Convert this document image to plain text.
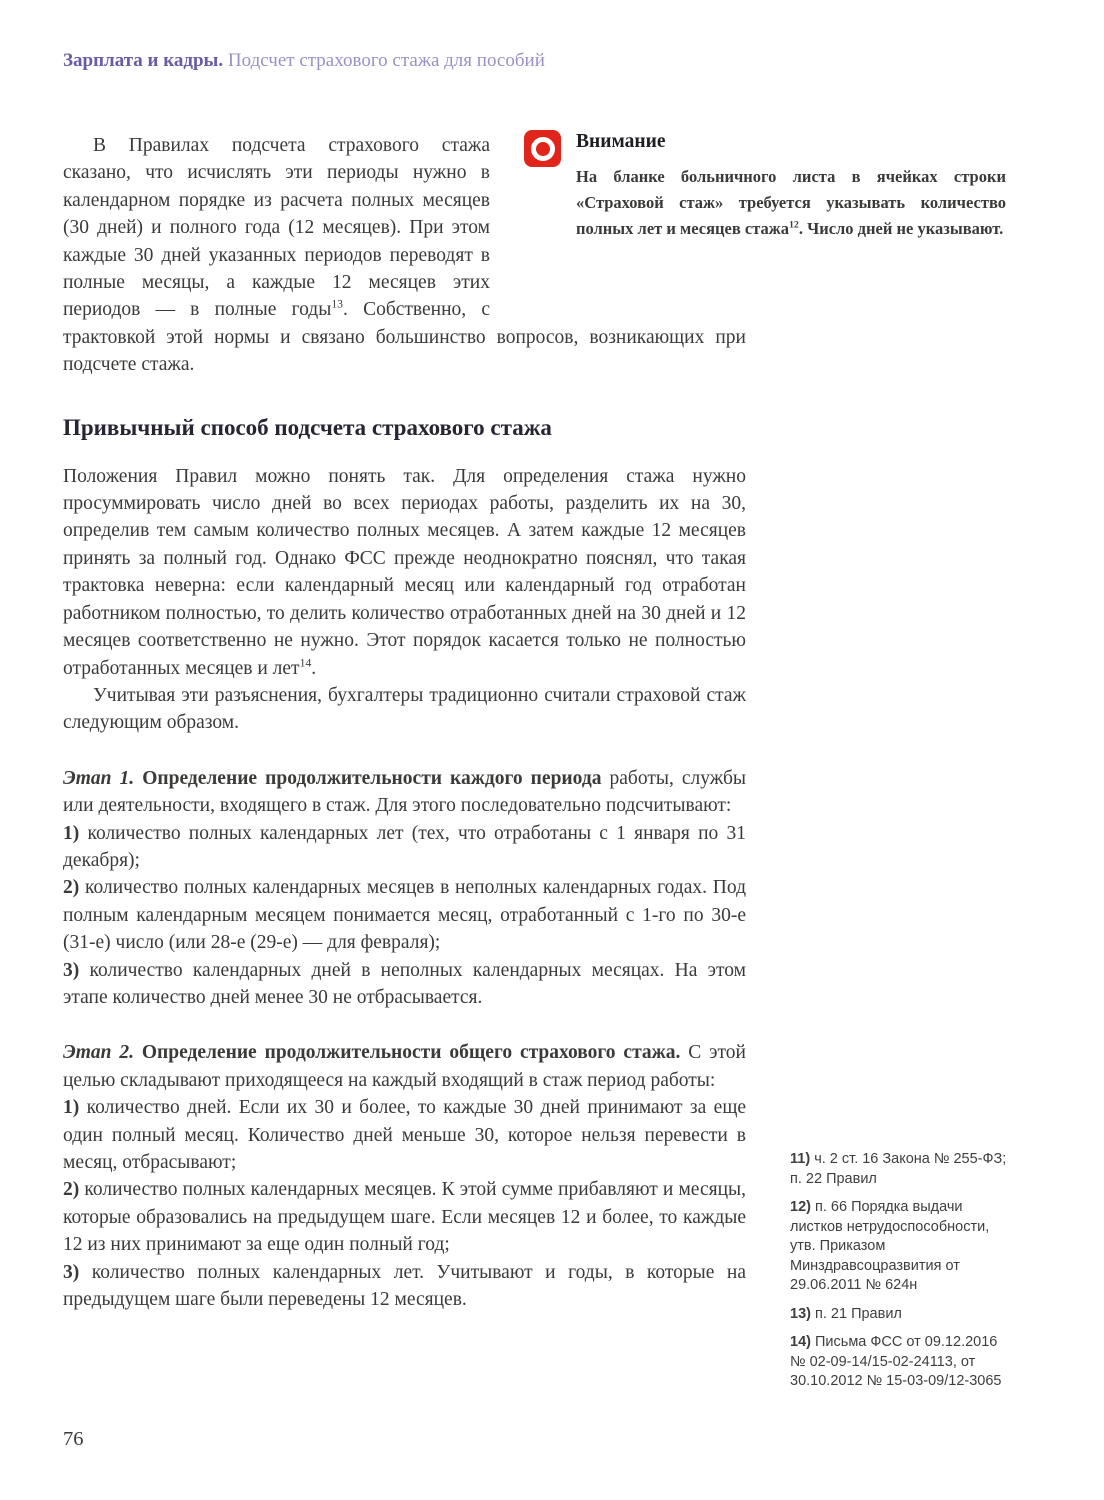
Зарплата и кадры. Подсчет страхового стажа для пособий
Внимание

На бланке больничного листа в ячейках строки «Страховой стаж» требуется указывать количество полных лет и месяцев стажа$^{12}$. Число дней не указывают.

В Правилах подсчета страхового стажа сказано, что исчислять эти периоды нужно в календарном порядке из расчета полных месяцев (30 дней) и полного года (12 месяцев). При этом каждые 30 дней указанных периодов переводят в полные месяцы, а каждые 12 месяцев этих периодов — в полные годы$^{13}$. Собственно, с трактовкой этой нормы и связано большинство вопросов, возникающих при подсчете стажа.

Привычный способ подсчета страхового стажа

Положения Правил можно понять так. Для определения стажа нужно просуммировать число дней во всех периодах работы, разделить их на 30, определив тем самым количество полных месяцев. А затем каждые 12 месяцев принять за полный год. Однако ФСС прежде неоднократно пояснял, что такая трактовка неверна: если календарный месяц или календарный год отработан работником полностью, то делить количество отработанных дней на 30 дней и 12 месяцев соответственно не нужно. Этот порядок касается только не полностью отработанных месяцев и лет$^{14}$.

Учитывая эти разъяснения, бухгалтеры традиционно считали страховой стаж следующим образом.

Этап 1. Определение продолжительности каждого периода работы, службы или деятельности, входящего в стаж. Для этого последовательно подсчитывают:

1) количество полных календарных лет (тех, что отработаны с 1 января по 31 декабря);

2) количество полных календарных месяцев в неполных календарных годах. Под полным календарным месяцем понимается месяц, отработанный с 1-го по 30-е (31-е) число (или 28-е (29-е) — для февраля);

3) количество календарных дней в неполных календарных месяцах. На этом этапе количество дней менее 30 не отбрасывается.

Этап 2. Определение продолжительности общего страхового стажа. С этой целью складывают приходящееся на каждый входящий в стаж период работы:

1) количество дней. Если их 30 и более, то каждые 30 дней принимают за еще один полный месяц. Количество дней меньше 30, которое нельзя перевести в месяц, отбрасывают;

2) количество полных календарных месяцев. К этой сумме прибавляют и месяцы, которые образовались на предыдущем шаге. Если месяцев 12 и более, то каждые 12 из них принимают за еще один полный год;

3) количество полных календарных лет. Учитывают и годы, в которые на предыдущем шаге были переведены 12 месяцев.

11) ч. 2 ст. 16 Закона № 255-ФЗ; п. 22 Правил

12) п. 66 Порядка выдачи листков нетрудоспособности, утв. Приказом Минздравсоцразвития от 29.06.2011 № 624н

13) п. 21 Правил

14) Письма ФСС от 09.12.2016 № 02-09-14/15-02-24113, от 30.10.2012 № 15-03-09/12-3065

76
